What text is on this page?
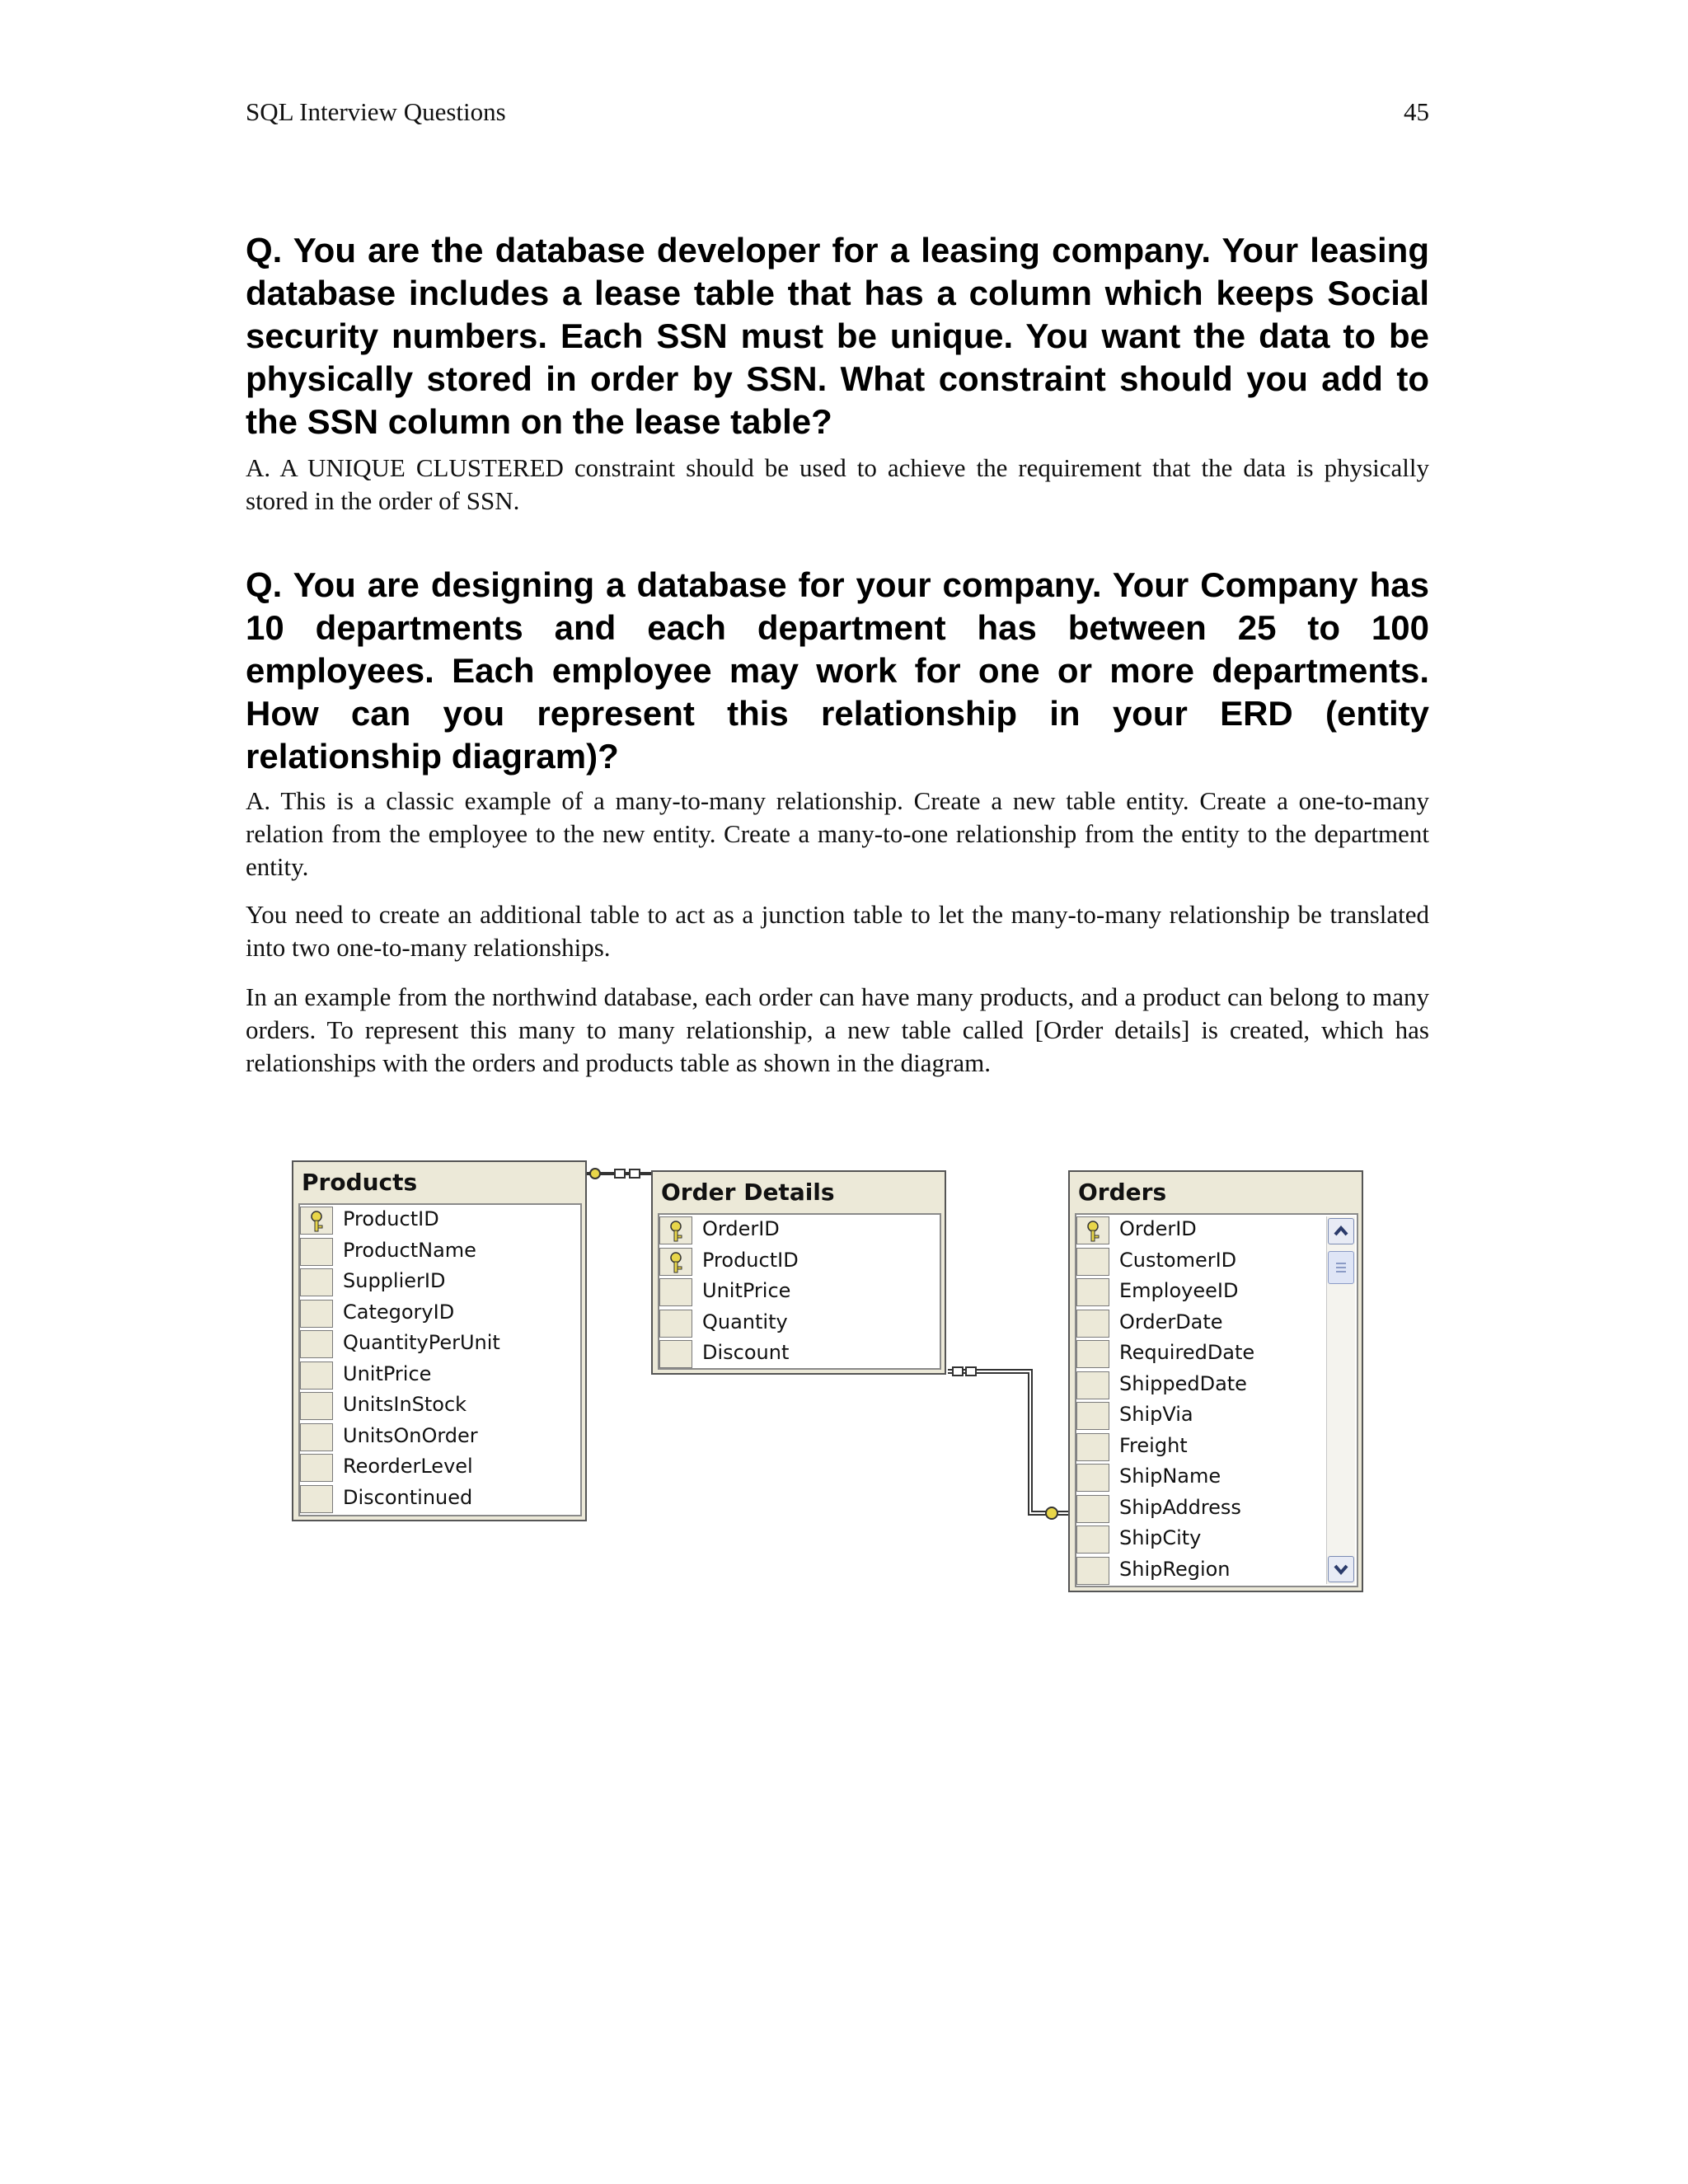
SQL Interview Questions	45

Q. You are the database developer for a leasing company. Your leasing database includes a lease table that has a column which keeps Social security numbers. Each SSN must be unique. You want the data to be physically stored in order by SSN. What constraint should you add to the SSN column on the lease table?

A. A UNIQUE CLUSTERED constraint should be used to achieve the requirement that the data is physically stored in the order of SSN.

Q. You are designing a database for your company. Your Company has 10 departments and each department has between 25 to 100 employees. Each employee may work for one or more departments. How can you represent this relationship in your ERD (entity relationship diagram)?

A. This is a classic example of a many-to-many relationship. Create a new table entity. Create a one-to-many relation from the employee to the new entity. Create a many-to-one relationship from the entity to the department entity.

You need to create an additional table to act as a junction table to let the many-to-many relationship be translated into two one-to-many relationships.

In an example from the northwind database, each order can have many products, and a product can belong to many orders. To represent this many to many relationship, a new table called [Order details] is created, which has relationships with the orders and products table as shown in the diagram.

Products
ProductID
ProductName
SupplierID
CategoryID
QuantityPerUnit
UnitPrice
UnitsInStock
UnitsOnOrder
ReorderLevel
Discontinued
Order Details
OrderID
ProductID
UnitPrice
Quantity
Discount
Orders
OrderID
CustomerID
EmployeeID
OrderDate
RequiredDate
ShippedDate
ShipVia
Freight
ShipName
ShipAddress
ShipCity
ShipRegion
